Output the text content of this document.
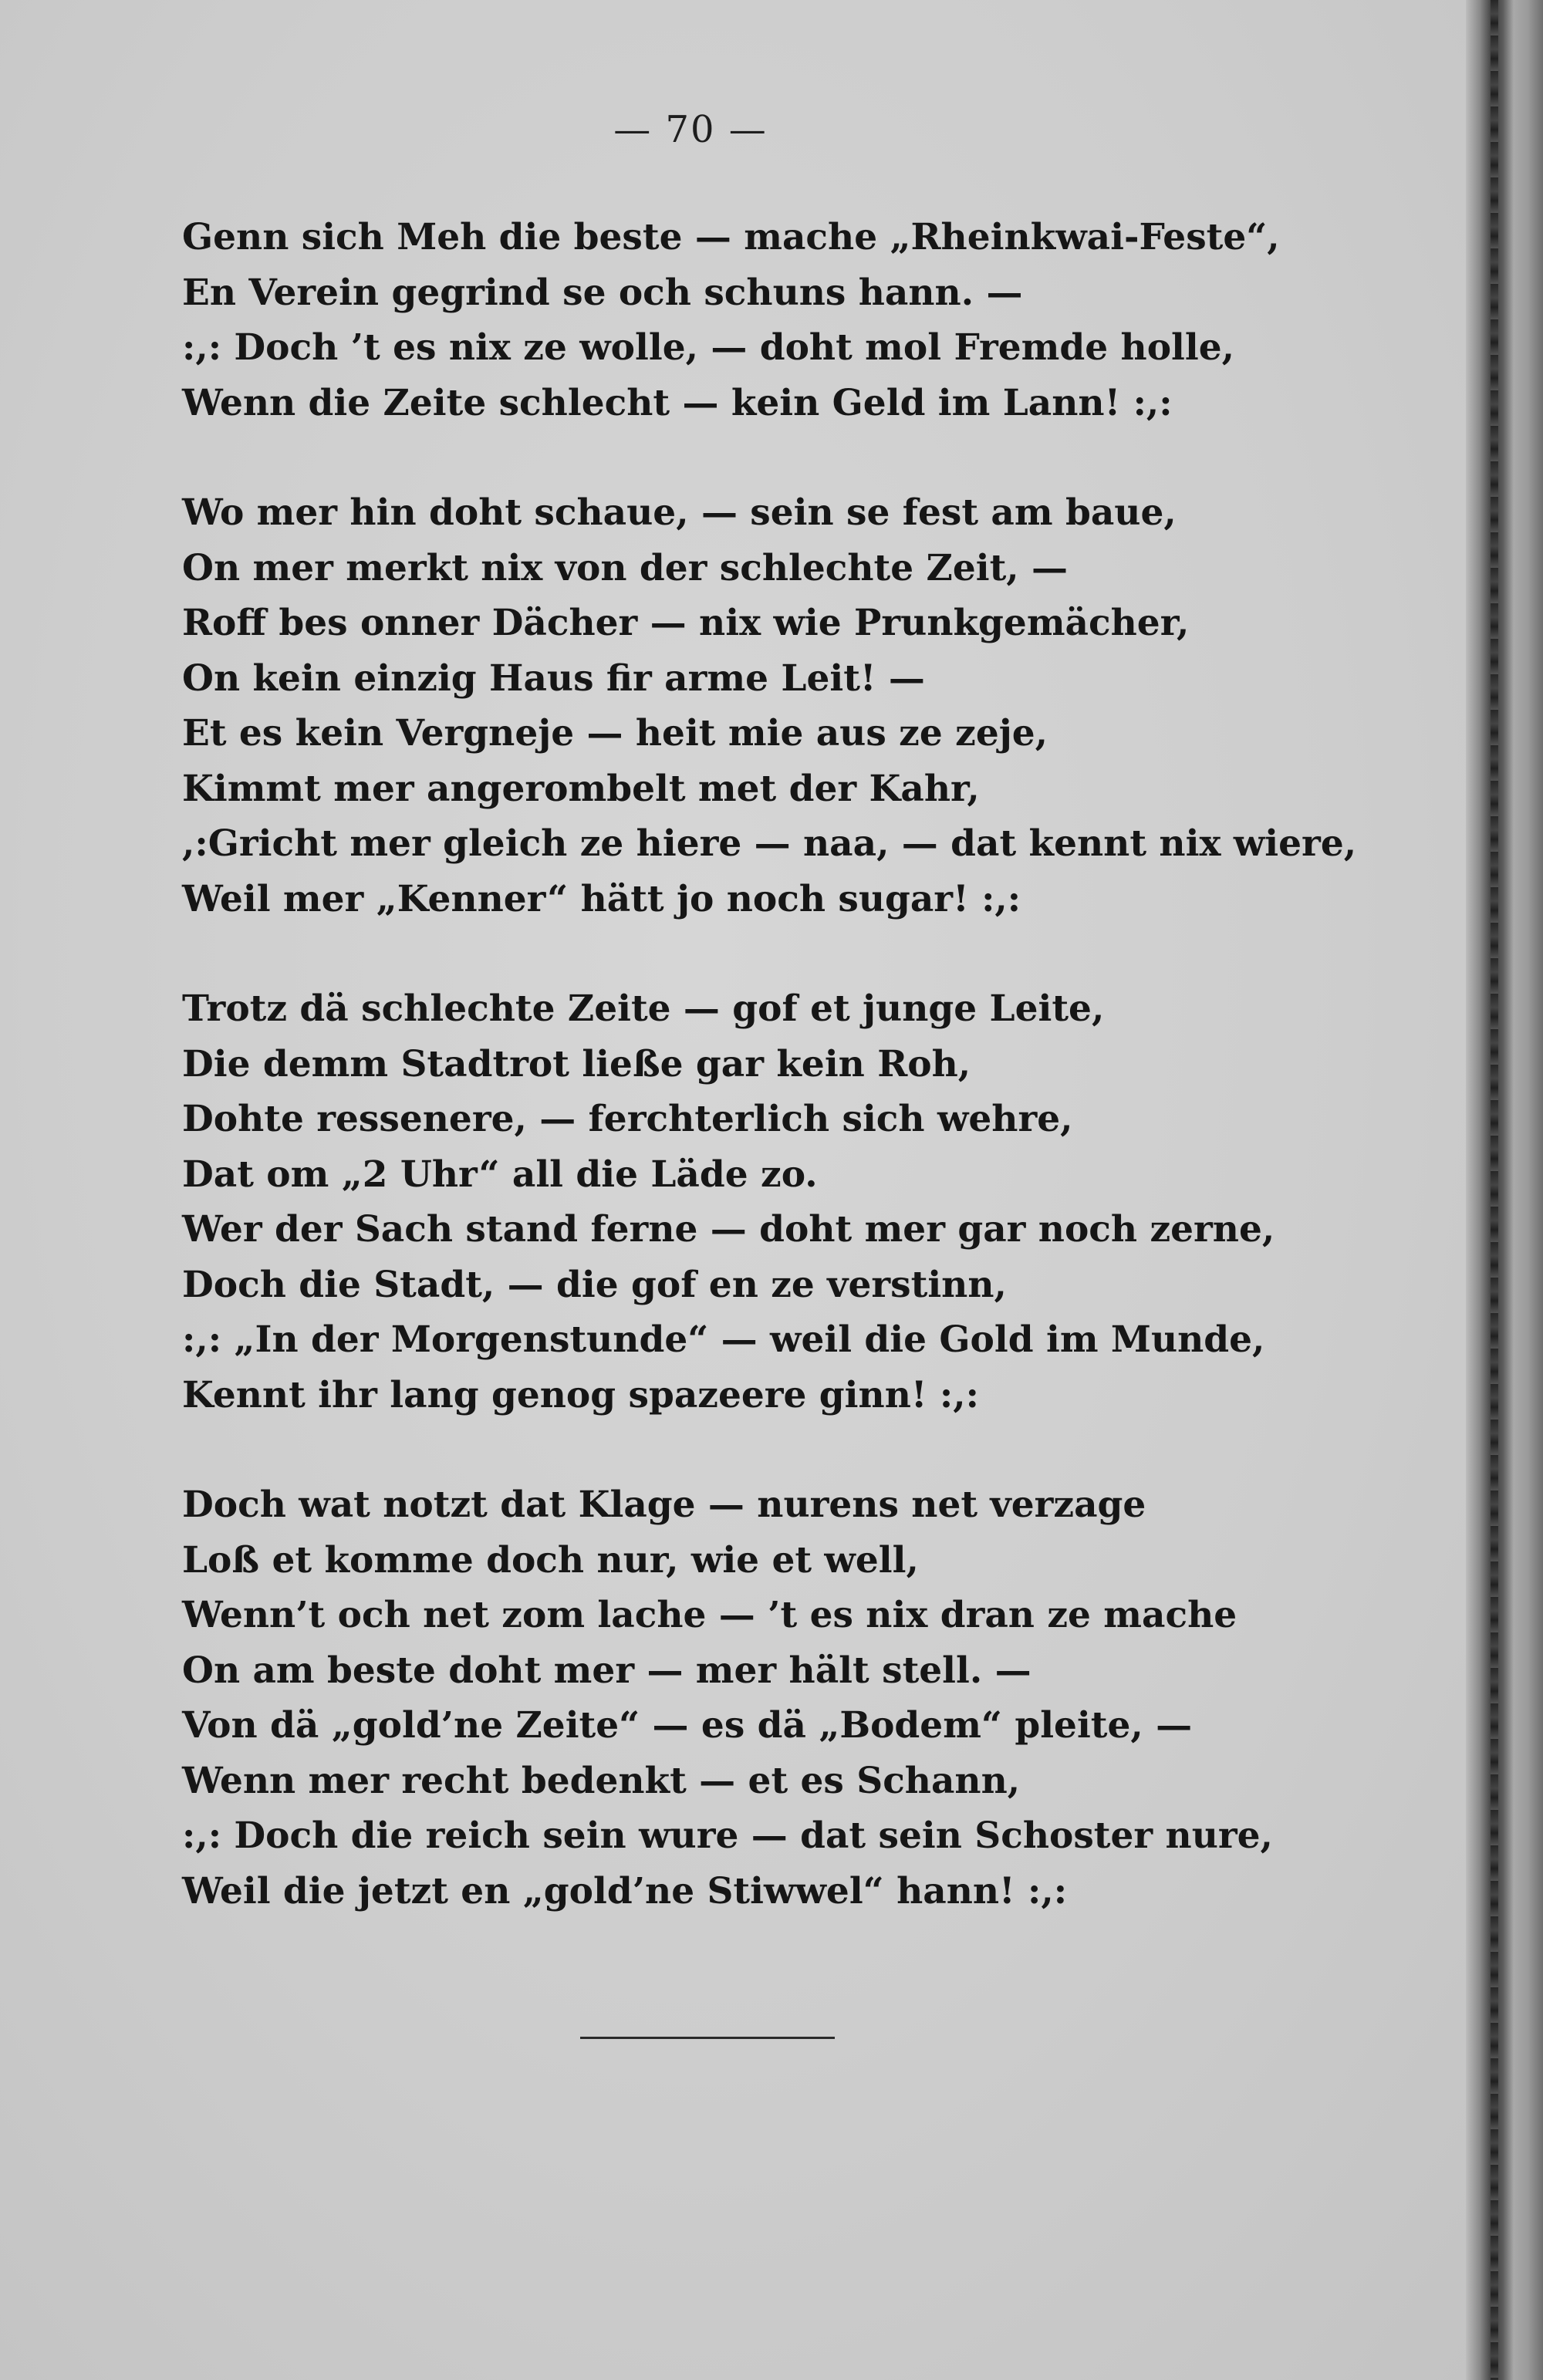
— 70 —
Genn sich Meh die beste — mache „Rheinkwai-Feste“,
En Verein gegrind se och schuns hann. —
:,: Doch ’t es nix ze wolle, — doht mol Fremde holle,
Wenn die Zeite schlecht — kein Geld im Lann! :,:
Wo mer hin doht schaue, — sein se fest am baue,
On mer merkt nix von der schlechte Zeit, —
Roff bes onner Dächer — nix wie Prunkgemächer,
On kein einzig Haus fir arme Leit! —
Et es kein Vergneje — heit mie aus ze zeje,
Kimmt mer angerombelt met der Kahr,
,:Gricht mer gleich ze hiere — naa, — dat kennt nix wiere,
Weil mer „Kenner“ hätt jo noch sugar! :,:
Trotz dä schlechte Zeite — gof et junge Leite,
Die demm Stadtrot ließe gar kein Roh,
Dohte ressenere, — ferchterlich sich wehre,
Dat om „2 Uhr“ all die Läde zo.
Wer der Sach stand ferne — doht mer gar noch zerne,
Doch die Stadt, — die gof en ze verstinn,
:,: „In der Morgenstunde“ — weil die Gold im Munde,
Kennt ihr lang genog spazeere ginn! :,:
Doch wat notzt dat Klage — nurens net verzage
Loß et komme doch nur, wie et well,
Wenn’t och net zom lache — ’t es nix dran ze mache
On am beste doht mer — mer hält stell. —
Von dä „gold’ne Zeite“ — es dä „Bodem“ pleite, —
Wenn mer recht bedenkt — et es Schann,
:,: Doch die reich sein wure — dat sein Schoster nure,
Weil die jetzt en „gold’ne Stiwwel“ hann! :,:
